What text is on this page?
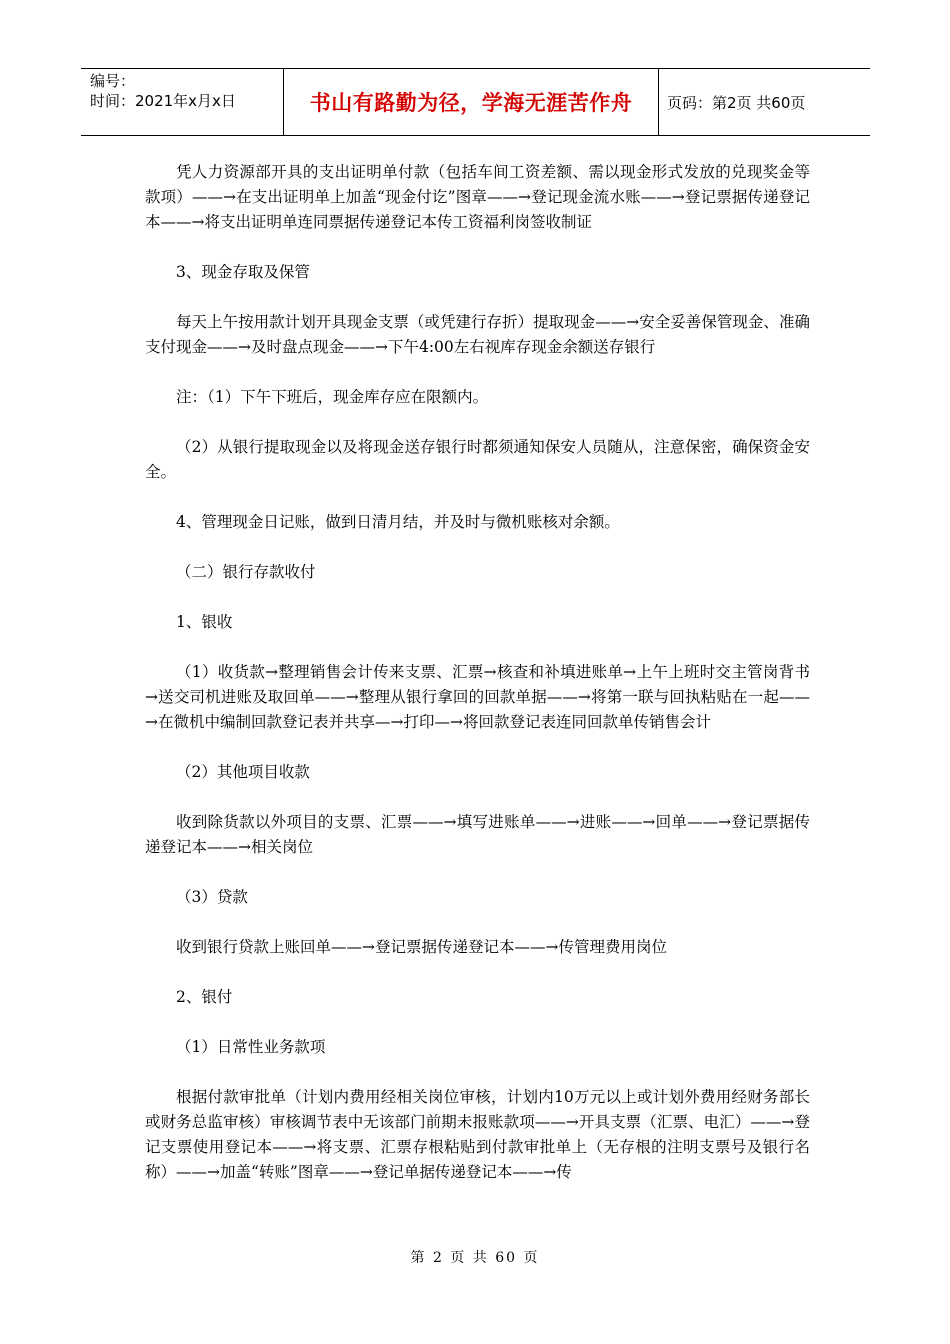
编号：
时间：2021年x月x日	书山有路勤为径，学海无涯苦作舟	页码：第2页 共60页

凭人力资源部开具的支出证明单付款（包括车间工资差额、需以现金形式发放的兑现奖金等款项）——→在支出证明单上加盖“现金付讫”图章——→登记现金流水账——→登记票据传递登记本——→将支出证明单连同票据传递登记本传工资福利岗签收制证

3、现金存取及保管

每天上午按用款计划开具现金支票（或凭建行存折）提取现金——→安全妥善保管现金、准确支付现金——→及时盘点现金——→下午4:00左右视库存现金余额送存银行

注：（1）下午下班后，现金库存应在限额内。

（2）从银行提取现金以及将现金送存银行时都须通知保安人员随从，注意保密，确保资金安全。

4、管理现金日记账，做到日清月结，并及时与微机账核对余额。

（二）银行存款收付

1、银收

（1）收货款→整理销售会计传来支票、汇票→核查和补填进账单→上午上班时交主管岗背书→送交司机进账及取回单——→整理从银行拿回的回款单据——→将第一联与回执粘贴在一起——→在微机中编制回款登记表并共享—→打印—→将回款登记表连同回款单传销售会计

（2）其他项目收款

收到除货款以外项目的支票、汇票——→填写进账单——→进账——→回单——→登记票据传递登记本——→相关岗位

（3）贷款

收到银行贷款上账回单——→登记票据传递登记本——→传管理费用岗位

2、银付

（1）日常性业务款项

根据付款审批单（计划内费用经相关岗位审核，计划内10万元以上或计划外费用经财务部长或财务总监审核）审核调节表中无该部门前期未报账款项——→开具支票（汇票、电汇）——→登记支票使用登记本——→将支票、汇票存根粘贴到付款审批单上（无存根的注明支票号及银行名称）——→加盖“转账”图章——→登记单据传递登记本——→传

第 2 页 共 60 页
